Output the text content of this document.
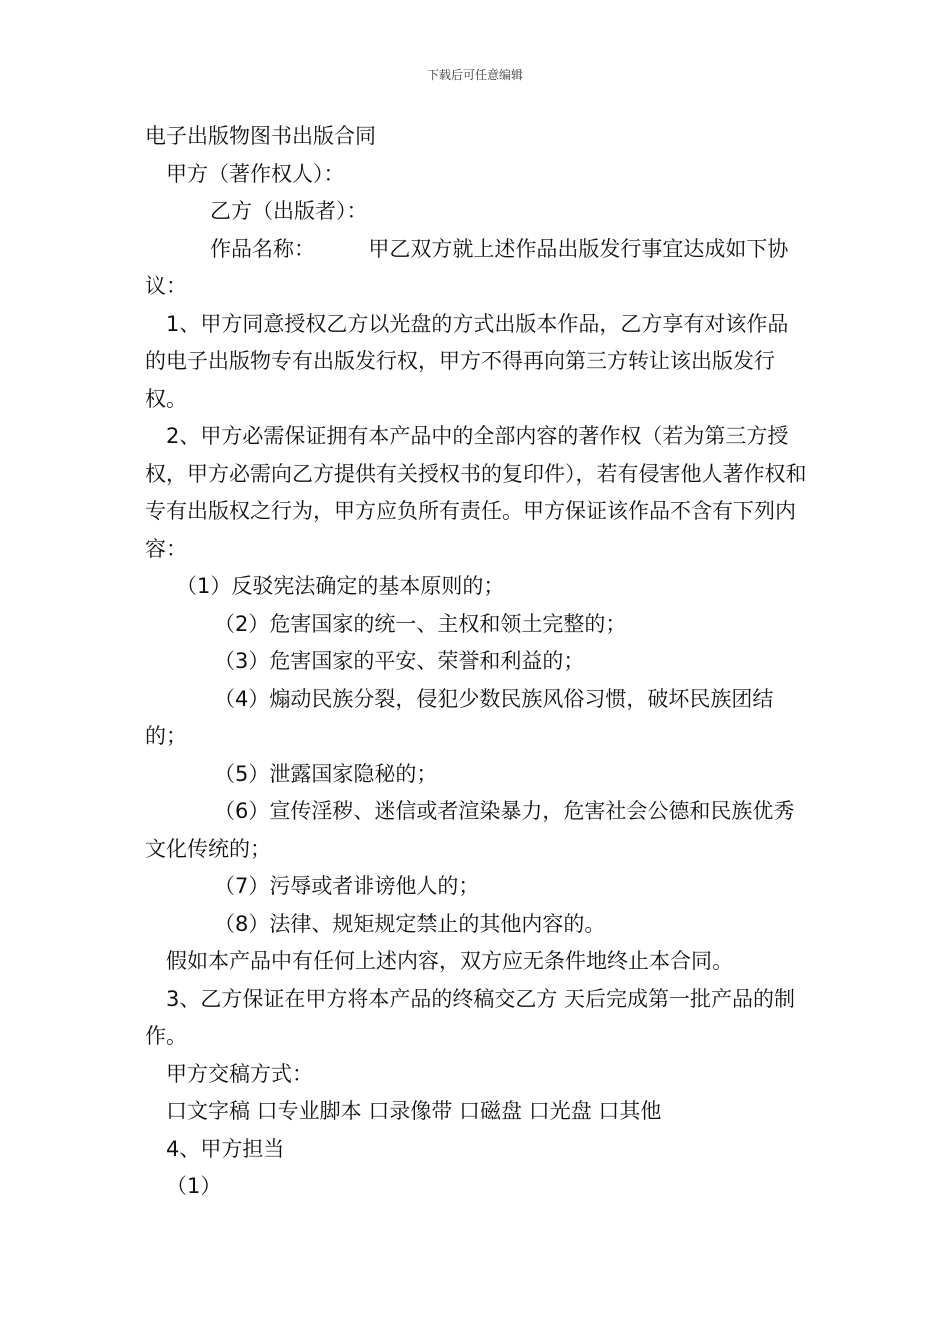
下载后可任意编辑

电子出版物图书出版合同

甲方（著作权人）：

乙方（出版者）：

作品名称：        甲乙双方就上述作品出版发行事宜达成如下协议：

1、甲方同意授权乙方以光盘的方式出版本作品，乙方享有对该作品的电子出版物专有出版发行权，甲方不得再向第三方转让该出版发行权。

2、甲方必需保证拥有本产品中的全部内容的著作权（若为第三方授权，甲方必需向乙方提供有关授权书的复印件），若有侵害他人著作权和专有出版权之行为，甲方应负所有责任。甲方保证该作品不含有下列内容：

（1）反驳宪法确定的基本原则的；

（2）危害国家的统一、主权和领土完整的；

（3）危害国家的平安、荣誉和利益的；

（4）煽动民族分裂，侵犯少数民族风俗习惯，破坏民族团结的；

（5）泄露国家隐秘的；

（6）宣传淫秽、迷信或者渲染暴力，危害社会公德和民族优秀文化传统的；

（7）污辱或者诽谤他人的；

（8）法律、规矩规定禁止的其他内容的。

假如本产品中有任何上述内容，双方应无条件地终止本合同。

3、乙方保证在甲方将本产品的终稿交乙方 天后完成第一批产品的制作。

甲方交稿方式：

口文字稿 口专业脚本 口录像带 口磁盘 口光盘 口其他

4、甲方担当

（1）
